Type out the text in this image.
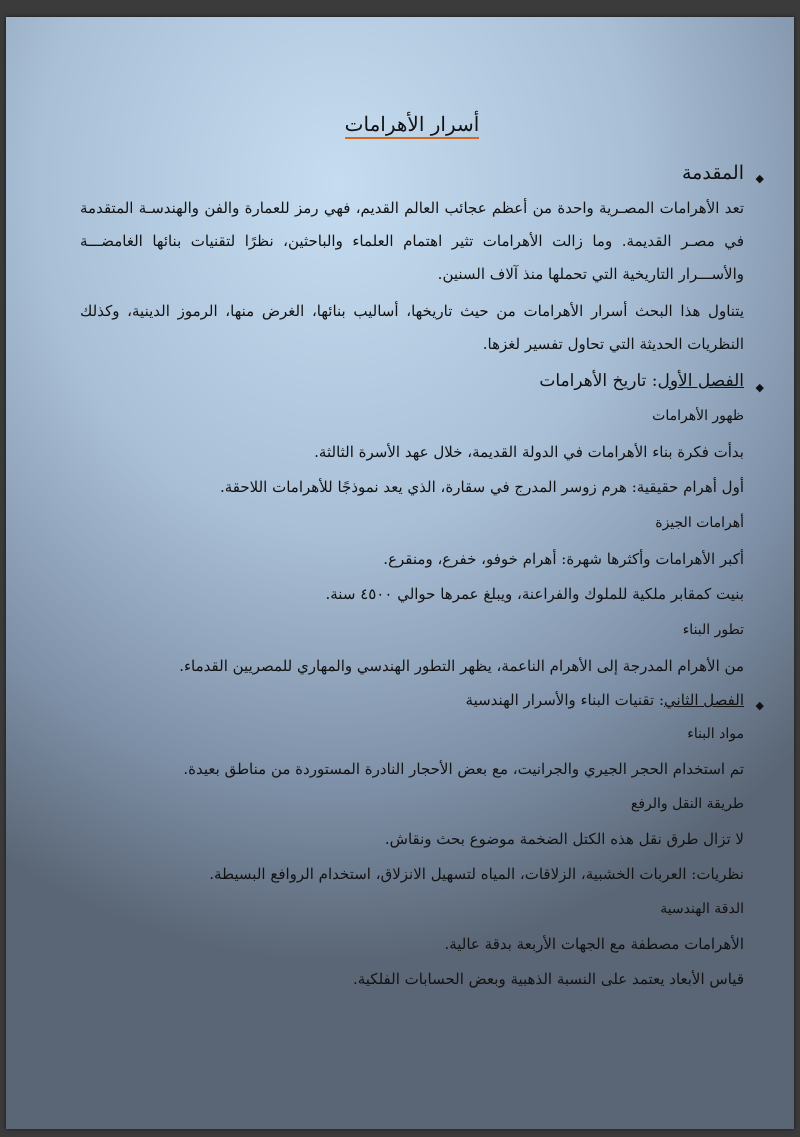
أسرار الأهرامات
◆
المقدمة

تعد الأهرامات المصـرية واحدة من أعظم عجائب العالم القديم، فهي رمز للعمارة والفن والهندسـة المتقدمة في مصـر القديمة. وما زالت الأهرامات تثير اهتمام العلماء والباحثين، نظرًا لتقنيات بنائها الغامضـــة والأســـرار التاريخية التي تحملها منذ آلاف السنين.

يتناول هذا البحث أسرار الأهرامات من حيث تاريخها، أساليب بنائها، الغرض منها، الرموز الدينية، وكذلك النظريات الحديثة التي تحاول تفسير لغزها.

◆
الفصل الأول: تاريخ الأهرامات

ظهور الأهرامات

بدأت فكرة بناء الأهرامات في الدولة القديمة، خلال عهد الأسرة الثالثة.

أول أهرام حقيقية: هرم زوسر المدرج في سقارة، الذي يعد نموذجًا للأهرامات اللاحقة.

أهرامات الجيزة

أكبر الأهرامات وأكثرها شهرة: أهرام خوفو، خفرع، ومنقرع.

بنيت كمقابر ملكية للملوك والفراعنة، ويبلغ عمرها حوالي ٤٥٠٠ سنة.

تطور البناء

من الأهرام المدرجة إلى الأهرام الناعمة، يظهر التطور الهندسي والمهاري للمصريين القدماء.

◆
الفصل الثاني: تقنيات البناء والأسرار الهندسية

مواد البناء

تم استخدام الحجر الجيري والجرانيت، مع بعض الأحجار النادرة المستوردة من مناطق بعيدة.

طريقة النقل والرفع

لا تزال طرق نقل هذه الكتل الضخمة موضوع بحث ونقاش.

نظريات: العربات الخشبية، الزلاقات، المياه لتسهيل الانزلاق، استخدام الروافع البسيطة.

الدقة الهندسية

الأهرامات مصطفة مع الجهات الأربعة بدقة عالية.

قياس الأبعاد يعتمد على النسبة الذهبية وبعض الحسابات الفلكية.
